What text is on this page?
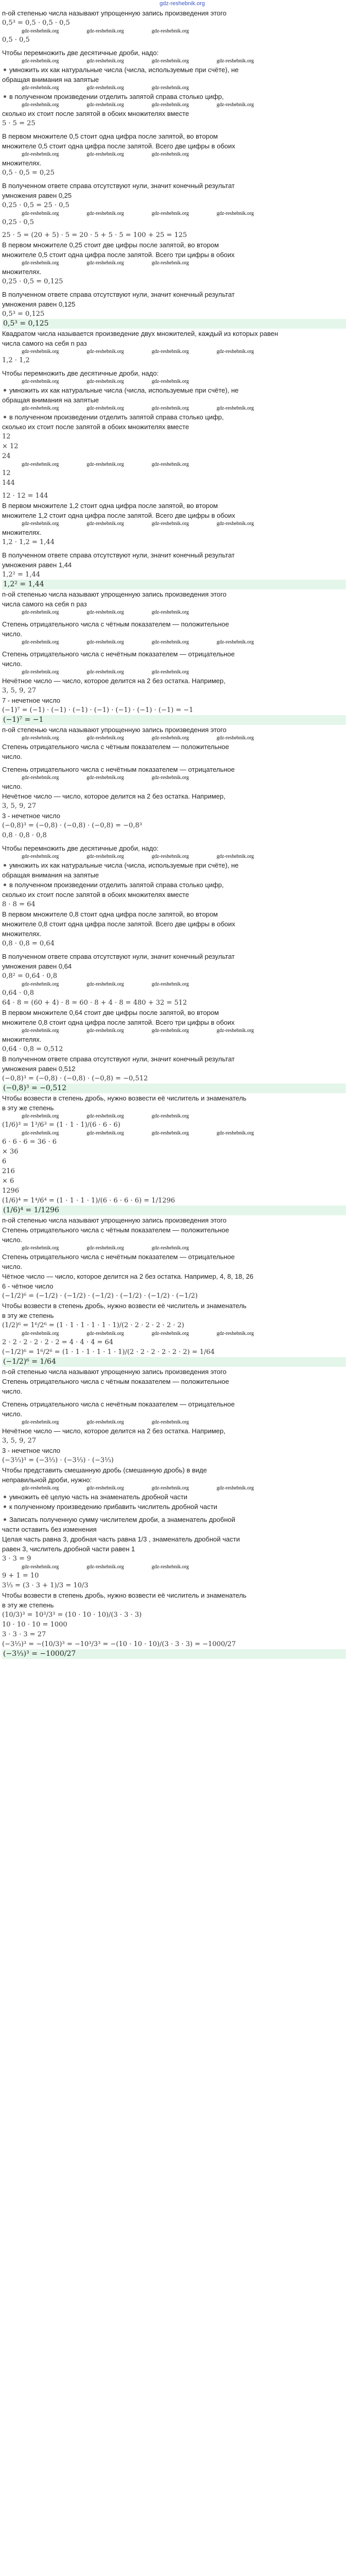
gdz-reshebnik.org
п-ой степенью числа называют упрощенную запись произведения этого
0,5³ = 0,5 · 0,5 · 0,5
gdz-reshebnik.org	gdz-reshebnik.org	gdz-reshebnik.org
0,5 · 0,5
Чтобы перемножить две десятичные дроби, надо:
gdz-reshebnik.org	gdz-reshebnik.org	gdz-reshebnik.org	gdz-reshebnik.org
умножить их как натуральные числа (числа, используемые при счёте), не
обращая внимания на запятые
gdz-reshebnik.org	gdz-reshebnik.org	gdz-reshebnik.org
в полученном произведении отделить запятой справа столько цифр,
gdz-reshebnik.org	gdz-reshebnik.org	gdz-reshebnik.org	gdz-reshebnik.org
сколько их стоит после запятой в обоих множителях вместе
5 · 5 = 25
В первом множителе 0,5 стоит одна цифра после запятой, во втором
множителе 0,5 стоит одна цифра после запятой. Всего две цифры в обоих
gdz-reshebnik.org	gdz-reshebnik.org	gdz-reshebnik.org
множителях.
0,5 · 0,5 = 0,25
В полученном ответе справа отсутствуют нули, значит конечный результат
умножения равен 0,25
0,25 · 0,5 = 25 · 0,5
gdz-reshebnik.org	gdz-reshebnik.org	gdz-reshebnik.org	gdz-reshebnik.org
0,25 · 0,5
25 · 5 = (20 + 5) · 5 = 20 · 5 + 5 · 5 = 100 + 25 = 125
В первом множителе 0,25 стоит две цифры после запятой, во втором
множителе 0,5 стоит одна цифра после запятой. Всего три цифры в обоих
gdz-reshebnik.org	gdz-reshebnik.org	gdz-reshebnik.org
множителях.
0,25 · 0,5 = 0,125
В полученном ответе справа отсутствуют нули, значит конечный результат
умножения равен 0,125
0,5³ = 0,125
0,5³ = 0,125
Квадратом числа называется произведение двух множителей, каждый из которых равен
числа самого на себя n раз
gdz-reshebnik.org	gdz-reshebnik.org	gdz-reshebnik.org	gdz-reshebnik.org
1,2 · 1,2
Чтобы перемножить две десятичные дроби, надо:
gdz-reshebnik.org	gdz-reshebnik.org	gdz-reshebnik.org
умножить их как натуральные числа (числа, используемые при счёте), не
обращая внимания на запятые
gdz-reshebnik.org	gdz-reshebnik.org	gdz-reshebnik.org	gdz-reshebnik.org
в полученном произведении отделить запятой справа столько цифр,
сколько их стоит после запятой в обоих множителях вместе
12
× 12
24
gdz-reshebnik.org	gdz-reshebnik.org	gdz-reshebnik.org
12
144
12 · 12 = 144
В первом множителе 1,2 стоит одна цифра после запятой, во втором
множителе 1,2 стоит одна цифра после запятой. Всего две цифры в обоих
gdz-reshebnik.org	gdz-reshebnik.org	gdz-reshebnik.org	gdz-reshebnik.org
множителях.
1,2 · 1,2 = 1,44
В полученном ответе справа отсутствуют нули, значит конечный результат
умножения равен 1,44
1,2² = 1,44
1,2² = 1,44
п-ой степенью числа называют упрощенную запись произведения этого
числа самого на себя n раз
gdz-reshebnik.org	gdz-reshebnik.org	gdz-reshebnik.org
Степень отрицательного числа с чётным показателем — положительное
число.
gdz-reshebnik.org	gdz-reshebnik.org	gdz-reshebnik.org	gdz-reshebnik.org
Степень отрицательного числа с нечётным показателем — отрицательное
число.
gdz-reshebnik.org	gdz-reshebnik.org	gdz-reshebnik.org
Нечётное число — число, которое делится на 2 без остатка. Например,
3, 5, 9, 27
7 - нечетное число
(−1)⁷ = (−1) · (−1) · (−1) · (−1) · (−1) · (−1) · (−1) = −1
(−1)⁷ = −1
п-ой степенью числа называют упрощенную запись произведения этого
gdz-reshebnik.org	gdz-reshebnik.org	gdz-reshebnik.org	gdz-reshebnik.org
Степень отрицательного числа с чётным показателем — положительное
число.
Степень отрицательного числа с нечётным показателем — отрицательное
gdz-reshebnik.org	gdz-reshebnik.org	gdz-reshebnik.org
число.
Нечётное число — число, которое делится на 2 без остатка. Например,
3, 5, 9, 27
3 - нечетное число
(−0,8)³ = (−0,8) · (−0,8) · (−0,8) = −0,8³
0,8 · 0,8 · 0,8
Чтобы перемножить две десятичные дроби, надо:
gdz-reshebnik.org	gdz-reshebnik.org	gdz-reshebnik.org	gdz-reshebnik.org
умножить их как натуральные числа (числа, используемые при счёте), не
обращая внимания на запятые
в полученном произведении отделить запятой справа столько цифр,
сколько их стоит после запятой в обоих множителях вместе
8 · 8 = 64
В первом множителе 0,8 стоит одна цифра после запятой, во втором
множителе 0,8 стоит одна цифра после запятой. Всего две цифры в обоих
множителях.
0,8 · 0,8 = 0,64
В полученном ответе справа отсутствуют нули, значит конечный результат
умножения равен 0,64
0,8² = 0,64 · 0,8
gdz-reshebnik.org	gdz-reshebnik.org	gdz-reshebnik.org
0,64 · 0,8
64 · 8 = (60 + 4) · 8 = 60 · 8 + 4 · 8 = 480 + 32 = 512
В первом множителе 0,64 стоит две цифры после запятой, во втором
множителе 0,8 стоит одна цифра после запятой. Всего три цифры в обоих
gdz-reshebnik.org	gdz-reshebnik.org	gdz-reshebnik.org	gdz-reshebnik.org
множителях.
0,64 · 0,8 = 0,512
В полученном ответе справа отсутствуют нули, значит конечный результат
умножения равен 0,512
(−0,8)³ = (−0,8) · (−0,8) · (−0,8) = −0,512
(−0,8)³ = −0,512
Чтобы возвести в степень дробь, нужно возвести её числитель и знаменатель
в эту же степень
gdz-reshebnik.org	gdz-reshebnik.org	gdz-reshebnik.org
(1/6)³ = 1³/6³ = (1 · 1 · 1)/(6 · 6 · 6)
gdz-reshebnik.org	gdz-reshebnik.org	gdz-reshebnik.org	gdz-reshebnik.org
6 · 6 · 6 = 36 · 6
× 36
6
216
× 6
1296
(1/6)⁴ = 1⁴/6⁴ = (1 · 1 · 1 · 1)/(6 · 6 · 6 · 6) = 1/1296
(1/6)⁴ = 1/1296
п-ой степенью числа называют упрощенную запись произведения этого
Степень отрицательного числа с чётным показателем — положительное
число.
gdz-reshebnik.org	gdz-reshebnik.org	gdz-reshebnik.org
Степень отрицательного числа с нечётным показателем — отрицательное
число.
Чётное число — число, которое делится на 2 без остатка. Например, 4, 8, 18, 26
6 - чётное число
(−1/2)⁶ = (−1/2) · (−1/2) · (−1/2) · (−1/2) · (−1/2) · (−1/2)
Чтобы возвести в степень дробь, нужно возвести её числитель и знаменатель
в эту же степень
(1/2)⁶ = 1⁶/2⁶ = (1 · 1 · 1 · 1 · 1 · 1)/(2 · 2 · 2 · 2 · 2 · 2)
gdz-reshebnik.org	gdz-reshebnik.org	gdz-reshebnik.org	gdz-reshebnik.org
2 · 2 · 2 · 2 · 2 · 2 = 4 · 4 · 4 = 64
(−1/2)⁶ = 1⁶/2⁶ = (1 · 1 · 1 · 1 · 1 · 1)/(2 · 2 · 2 · 2 · 2 · 2) = 1/64
(−1/2)⁶ = 1/64
п-ой степенью числа называют упрощенную запись произведения этого
Степень отрицательного числа с чётным показателем — положительное
число.
Степень отрицательного числа с нечётным показателем — отрицательное
число.
gdz-reshebnik.org	gdz-reshebnik.org	gdz-reshebnik.org
Нечётное число — число, которое делится на 2 без остатка. Например,
3, 5, 9, 27
3 - нечетное число
(−3⅓)³ = (−3⅓) · (−3⅓) · (−3⅓)
Чтобы представить смешанную дробь (смешанную дробь) в виде
неправильной дроби, нужно:
gdz-reshebnik.org	gdz-reshebnik.org	gdz-reshebnik.org	gdz-reshebnik.org
умножить её целую часть на знаменатель дробной части
к полученному произведению прибавить числитель дробной части
Записать полученную сумму числителем дроби, а знаменатель дробной
части оставить без изменения
Целая часть равна 3, дробная часть равна 1/3 , знаменатель дробной части
равен 3, числитель дробной части равен 1
3 · 3 = 9
gdz-reshebnik.org	gdz-reshebnik.org	gdz-reshebnik.org
9 + 1 = 10
3⅓ = (3 · 3 + 1)/3 = 10/3
Чтобы возвести в степень дробь, нужно возвести её числитель и знаменатель
в эту же степень
(10/3)³ = 10³/3³ = (10 · 10 · 10)/(3 · 3 · 3)
10 · 10 · 10 = 1000
3 · 3 · 3 = 27
(−3⅓)³ = −(10/3)³ = −10³/3³ = −(10 · 10 · 10)/(3 · 3 · 3) = −1000/27
(−3⅓)³ = −1000/27
